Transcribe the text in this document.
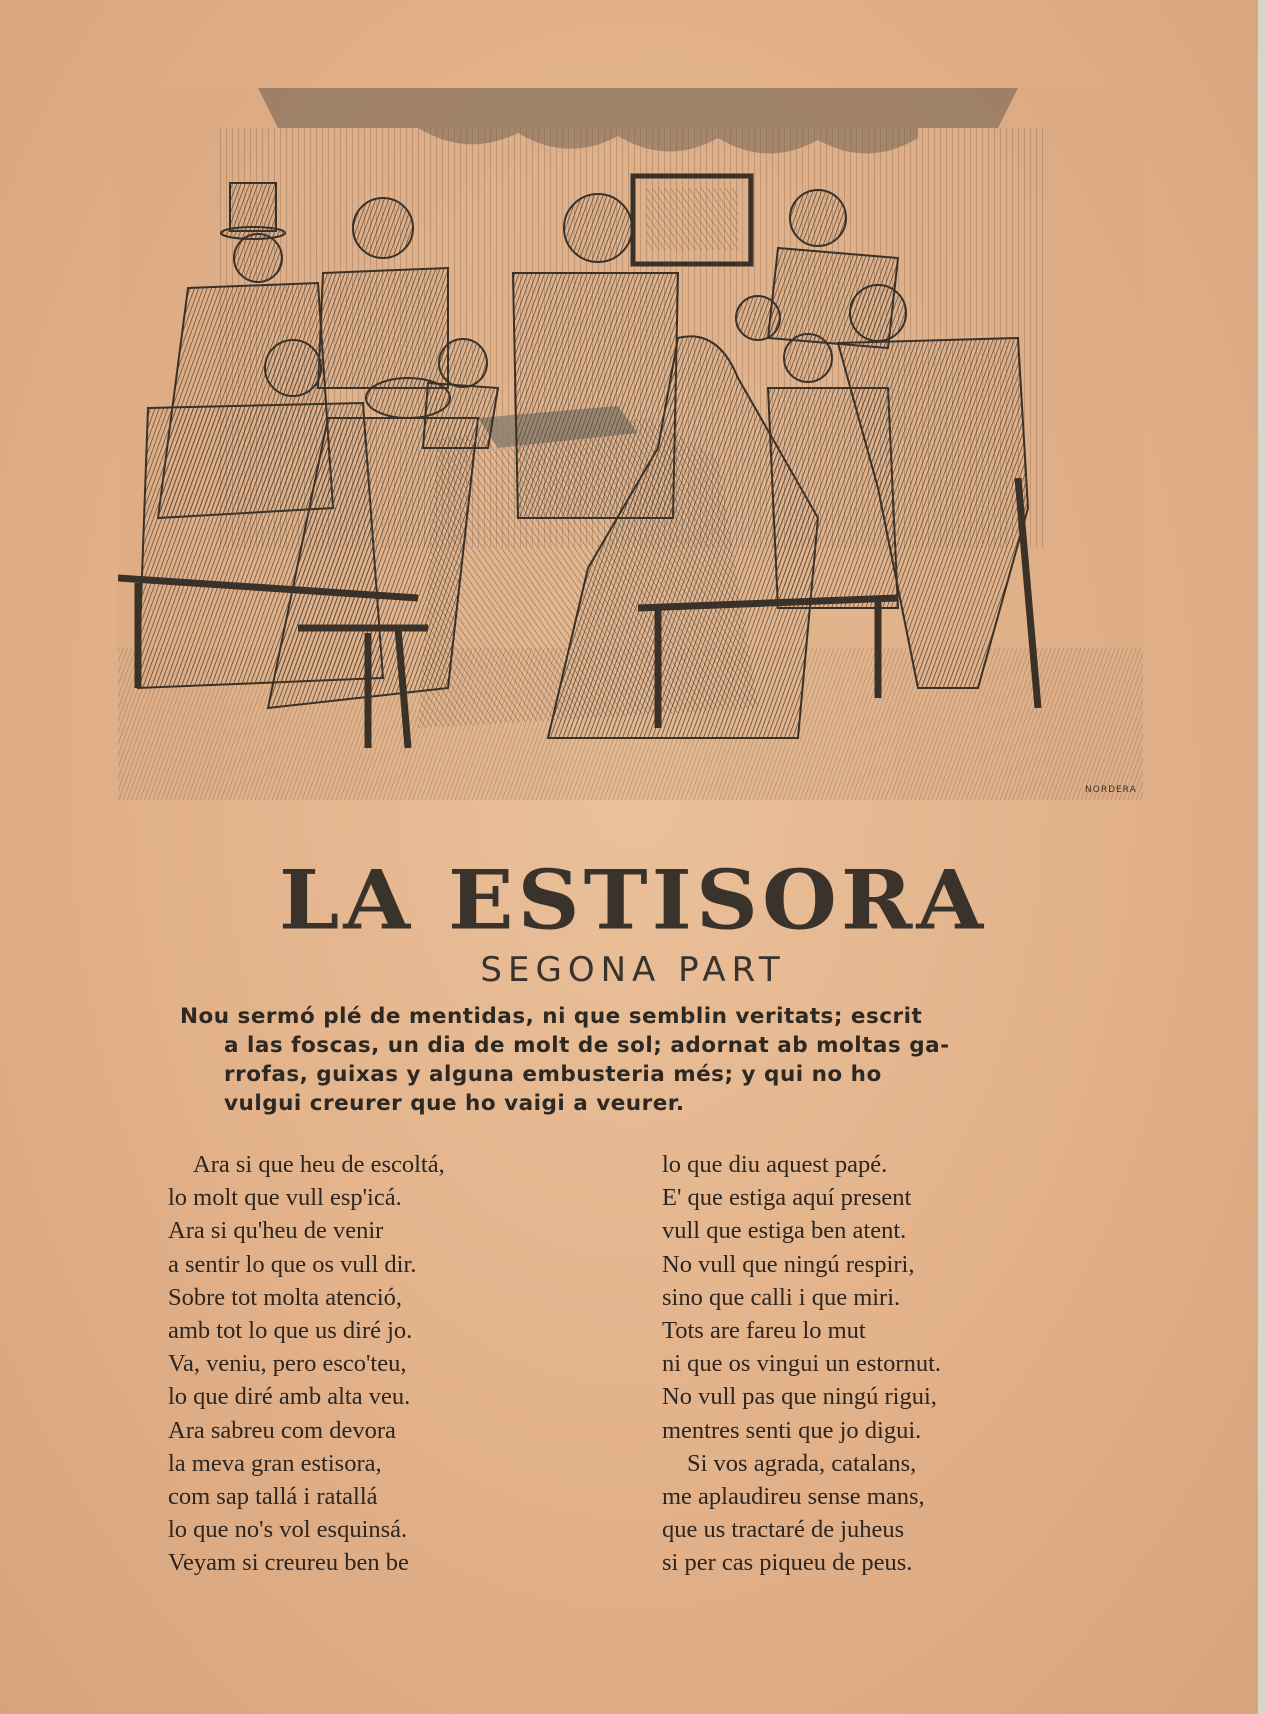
NORDERA
LA ESTISORA
SEGONA PART
Nou sermó plé de mentidas, ni que semblin veritats; escrit
a las foscas, un dia de molt de sol; adornat ab moltas ga-
rrofas, guixas y alguna embusteria més; y qui no ho
vulgui creurer que ho vaigi a veurer.
Ara si que heu de escoltá,
lo molt que vull esp'icá.
Ara si qu'heu de venir
a sentir lo que os vull dir.
Sobre tot molta atenció,
amb tot lo que us diré jo.
Va, veniu, pero esco'teu,
lo que diré amb alta veu.
Ara sabreu com devora
la meva gran estisora,
com sap tallá i ratallá
lo que no's vol esquinsá.
Veyam si creureu ben be
lo que diu aquest papé.
E' que estiga aquí present
vull que estiga ben atent.
No vull que ningú respiri,
sino que calli i que miri.
Tots are fareu lo mut
ni que os vingui un estornut.
No vull pas que ningú rigui,
mentres senti que jo digui.
Si vos agrada, catalans,
me aplaudireu sense mans,
que us tractaré de juheus
si per cas piqueu de peus.
